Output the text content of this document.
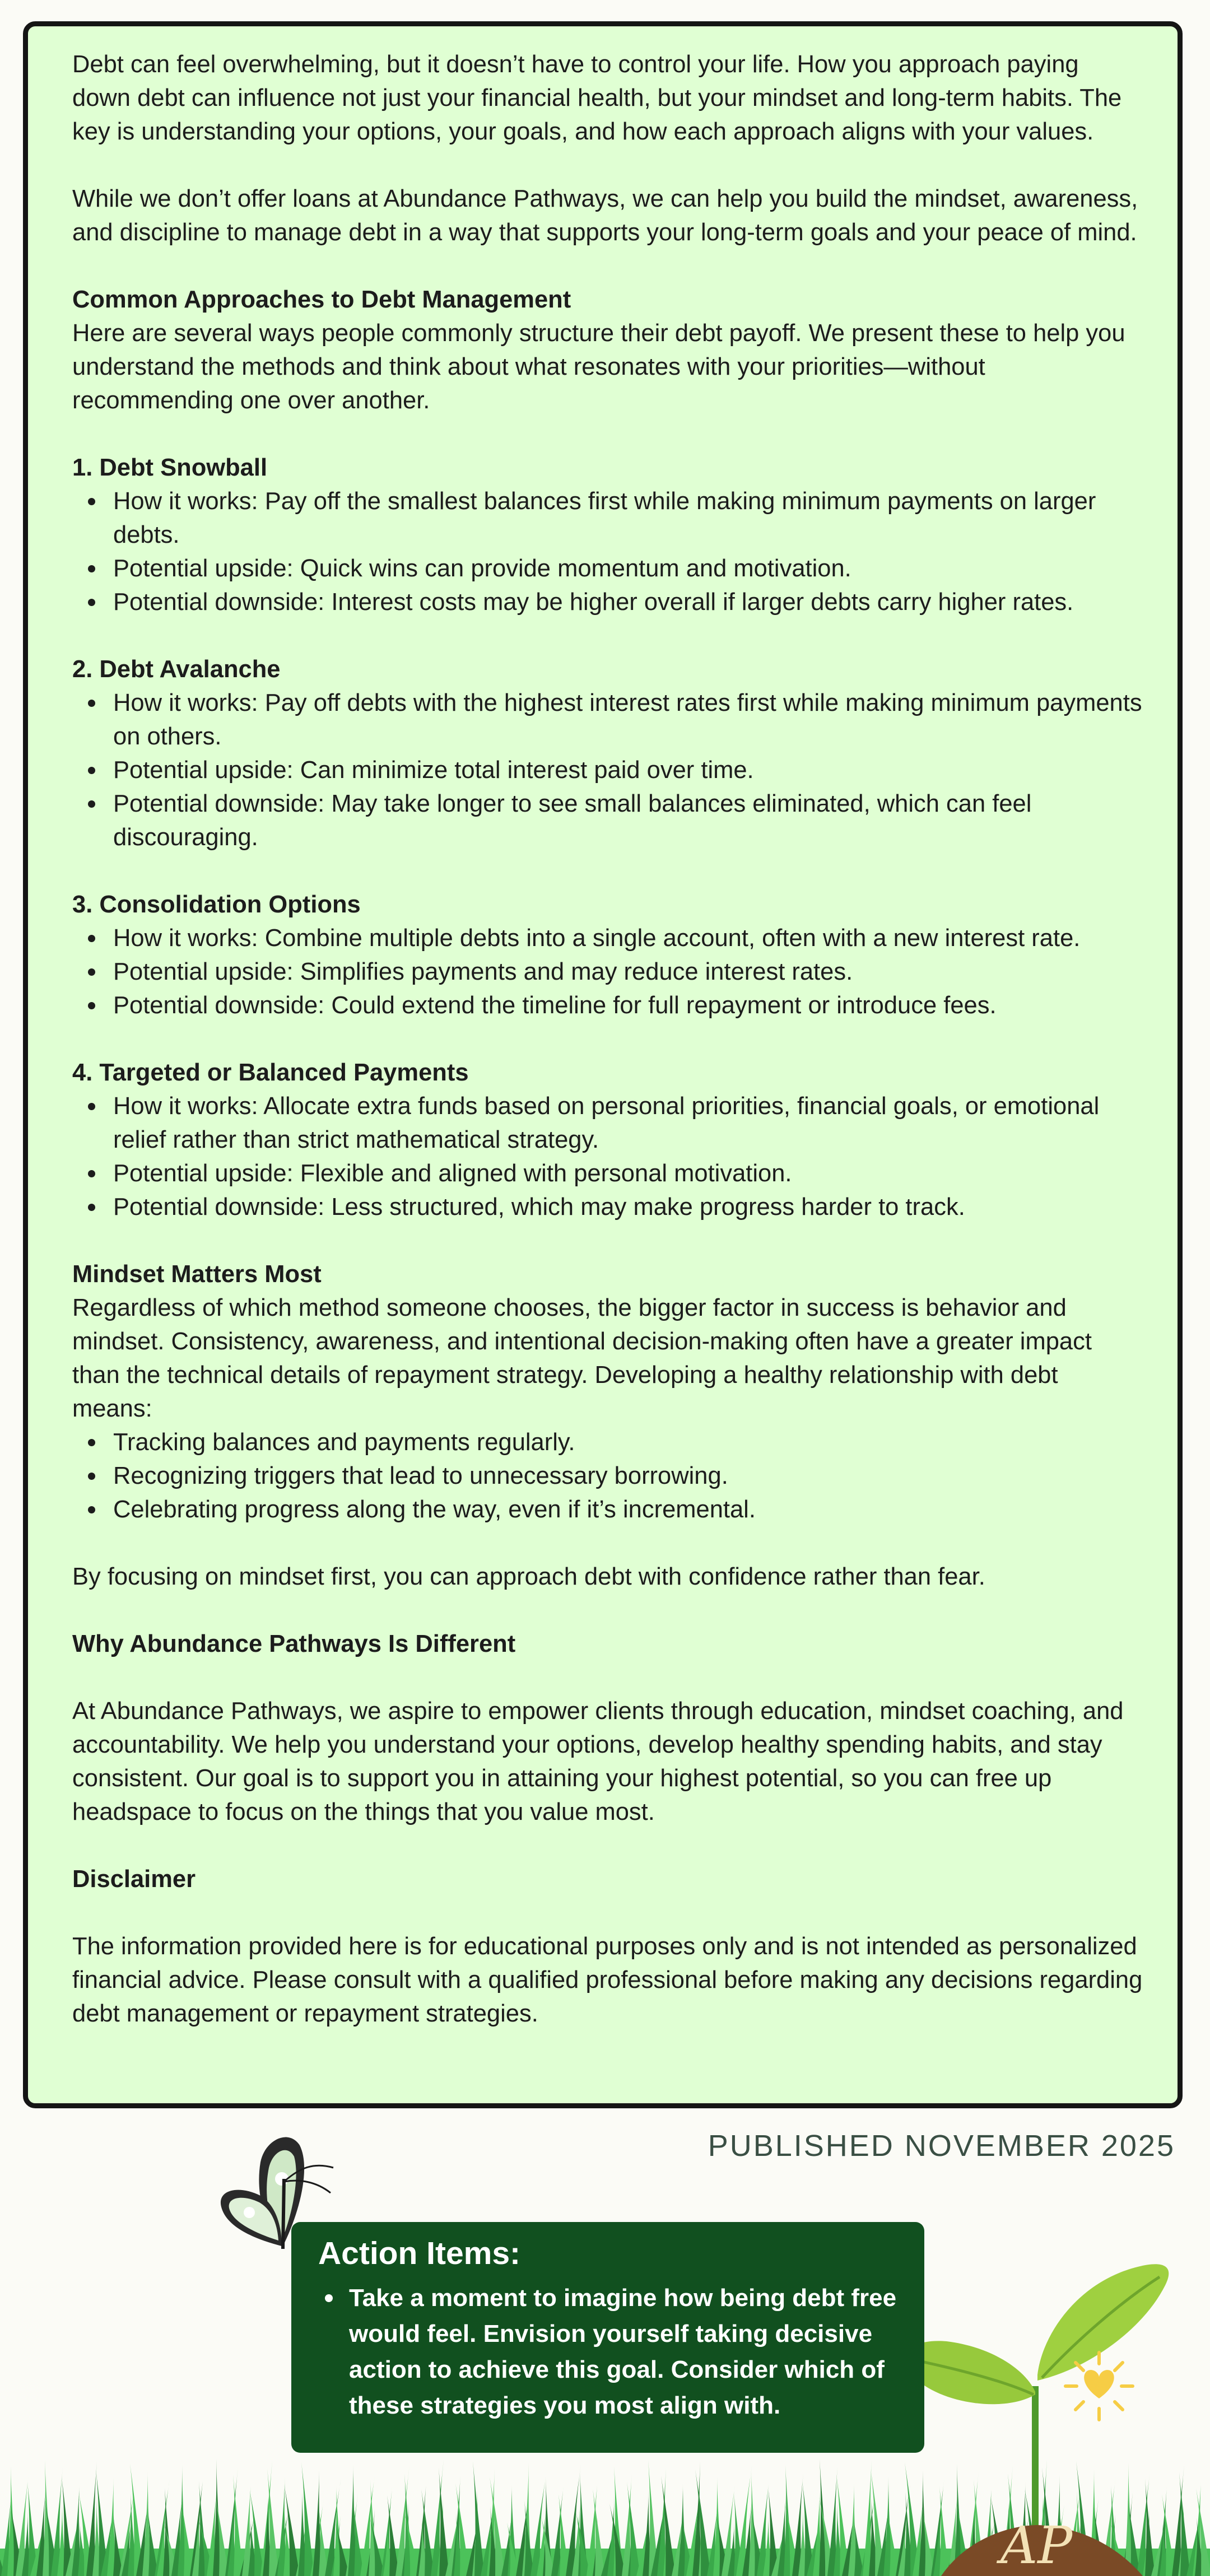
Debt can feel overwhelming, but it doesn’t have to control your life. How you approach paying down debt can influence not just your financial health, but your mindset and long-term habits. The key is understanding your options, your goals, and how each approach aligns with your values.

While we don’t offer loans at Abundance Pathways, we can help you build the mindset, awareness, and discipline to manage debt in a way that supports your long-term goals and your peace of mind.

Common Approaches to Debt Management

Here are several ways people commonly structure their debt payoff. We present these to help you understand the methods and think about what resonates with your priorities—without recommending one over another.

1. Debt Snowball
How it works: Pay off the smallest balances first while making minimum payments on larger debts.
Potential upside: Quick wins can provide momentum and motivation.
Potential downside: Interest costs may be higher overall if larger debts carry higher rates.
2. Debt Avalanche
How it works: Pay off debts with the highest interest rates first while making minimum payments on others.
Potential upside: Can minimize total interest paid over time.
Potential downside: May take longer to see small balances eliminated, which can feel discouraging.
3. Consolidation Options
How it works: Combine multiple debts into a single account, often with a new interest rate.
Potential upside: Simplifies payments and may reduce interest rates.
Potential downside: Could extend the timeline for full repayment or introduce fees.
4. Targeted or Balanced Payments
How it works: Allocate extra funds based on personal priorities, financial goals, or emotional relief rather than strict mathematical strategy.
Potential upside: Flexible and aligned with personal motivation.
Potential downside: Less structured, which may make progress harder to track.
Mindset Matters Most

Regardless of which method someone chooses, the bigger factor in success is behavior and mindset. Consistency, awareness, and intentional decision-making often have a greater impact than the technical details of repayment strategy. Developing a healthy relationship with debt means:

Tracking balances and payments regularly.
Recognizing triggers that lead to unnecessary borrowing.
Celebrating progress along the way, even if it’s incremental.

By focusing on mindset first, you can approach debt with confidence rather than fear.

Why Abundance Pathways Is Different

At Abundance Pathways, we aspire to empower clients through education, mindset coaching, and accountability. We help you understand your options, develop healthy spending habits, and stay consistent. Our goal is to support you in attaining your highest potential, so you can free up headspace to focus on the things that you value most.

Disclaimer

The information provided here is for educational purposes only and is not intended as personalized financial advice. Please consult with a qualified professional before making any decisions regarding debt management or repayment strategies.

PUBLISHED NOVEMBER 2025
AP
Action Items:
Take a moment to imagine how being debt free would feel. Envision yourself taking decisive action to achieve this goal. Consider which of these strategies you most align with.
